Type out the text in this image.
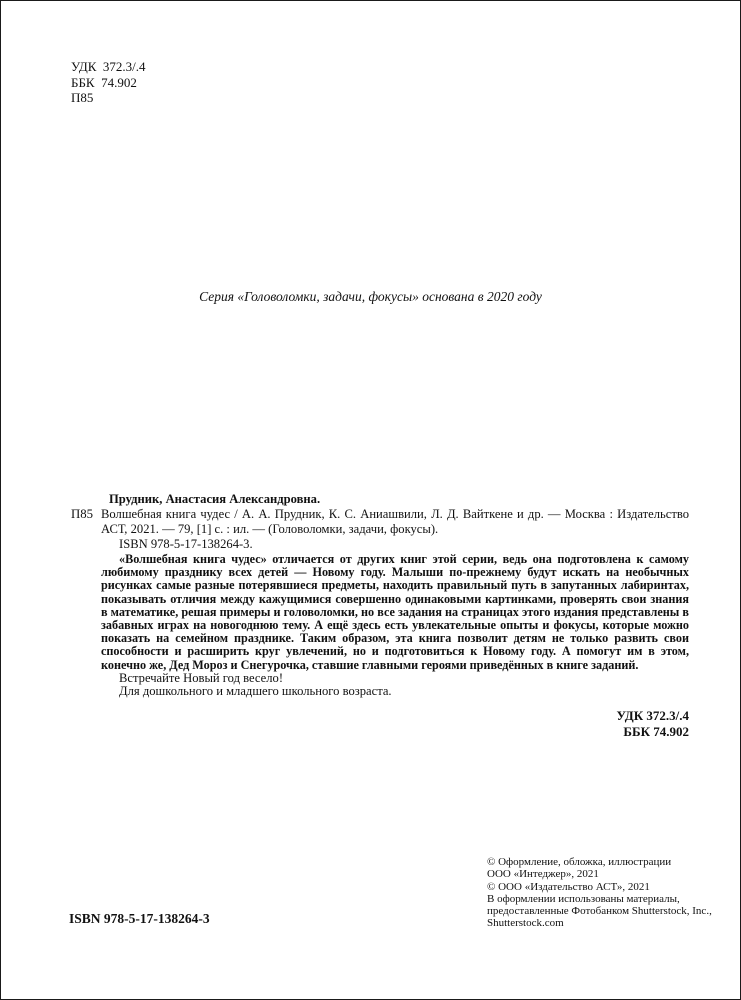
УДК  372.3/.4
ББК  74.902
П85
Серия «Головоломки, задачи, фокусы» основана в 2020 году
П85
Прудник, Анастасия Александровна.
Волшебная книга чудес / А. А. Прудник, К. С. Аниашвили, Л. Д. Вайткене и др. — Москва : Издательство АСТ, 2021. — 79, [1] с. : ил. — (Головоломки, задачи, фокусы).
ISBN 978-5-17-138264-3.
«Волшебная книга чудес» отличается от других книг этой серии, ведь она подготовлена к самому любимому празднику всех детей — Новому году. Малыши по-прежнему будут искать на необычных рисунках самые разные потерявшиеся предметы, находить правильный путь в запутанных лабиринтах, показывать отличия между кажущимися совершенно одинаковыми картинками, проверять свои знания в математике, решая примеры и головоломки, но все задания на страницах этого издания представлены в забавных играх на новогоднюю тему. А ещё здесь есть увлекательные опыты и фокусы, которые можно показать на семейном празднике. Таким образом, эта книга позволит детям не только развить свои способности и расширить круг увлечений, но и подготовиться к Новому году. А помогут им в этом, конечно же, Дед Мороз и Снегурочка, ставшие главными героями приведённых в книге заданий.
Встречайте Новый год весело!
Для дошкольного и младшего школьного возраста.
УДК 372.3/.4
ББК 74.902
ISBN 978-5-17-138264-3
© Оформление, обложка, иллюстрации
ООО «Интеджер», 2021
© ООО «Издательство АСТ», 2021
В оформлении использованы материалы,
предоставленные Фотобанком Shutterstock, Inc.,
Shutterstock.com
